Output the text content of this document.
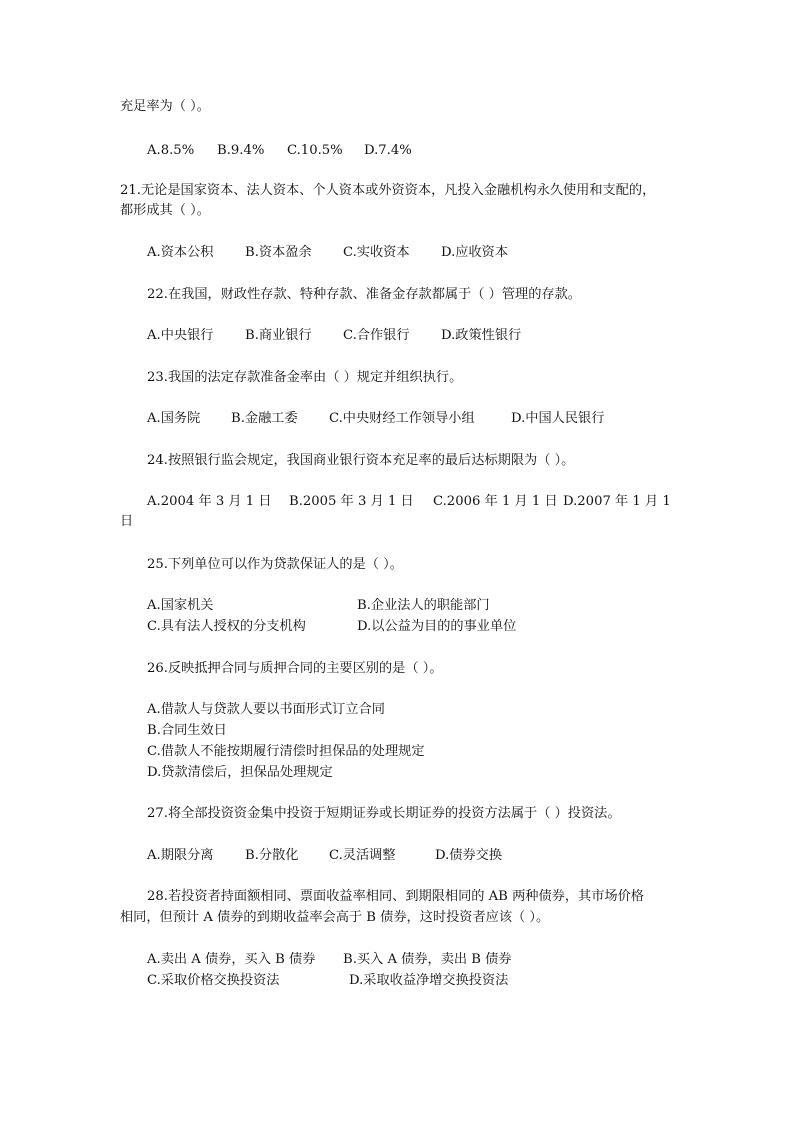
充足率为（ ）。
A.8.5% B.9.4% C.10.5% D.7.4%
21.无论是国家资本、法人资本、个人资本或外资资本，凡投入金融机构永久使用和支配的，
都形成其（ ）。
A.资本公积 B.资本盈余 C.实收资本 D.应收资本
22.在我国，财政性存款、特种存款、准备金存款都属于（ ）管理的存款。
A.中央银行 B.商业银行 C.合作银行 D.政策性银行
23.我国的法定存款准备金率由（ ）规定并组织执行。
A.国务院 B.金融工委 C.中央财经工作领导小组	D.中国人民银行
24.按照银行监会规定，我国商业银行资本充足率的最后达标期限为（ ）。
A.2004 年 3 月 1 日 B.2005 年 3 月 1 日 C.2006 年 1 月 1 日 D.2007 年 1 月 1
日
25.下列单位可以作为贷款保证人的是（ ）。
A.国家机关	B.企业法人的职能部门
C.具有法人授权的分支机构	D.以公益为目的的事业单位
26.反映抵押合同与质押合同的主要区别的是（ ）。
A.借款人与贷款人要以书面形式订立合同
B.合同生效日
C.借款人不能按期履行清偿时担保品的处理规定
D.贷款清偿后，担保品处理规定
27.将全部投资资金集中投资于短期证券或长期证券的投资方法属于（ ）投资法。
A.期限分离 B.分散化 C.灵活调整	D.债券交换
28.若投资者持面额相同、票面收益率相同、到期限相同的 AB 两种债券，其市场价格
相同，但预计 A 债券的到期收益率会高于 B 债券，这时投资者应该（ ）。
A.卖出 A 债券，买入 B 债券 B.买入 A 债券，卖出 B 债券
C.采取价格交换投资法	D.采取收益净增交换投资法
